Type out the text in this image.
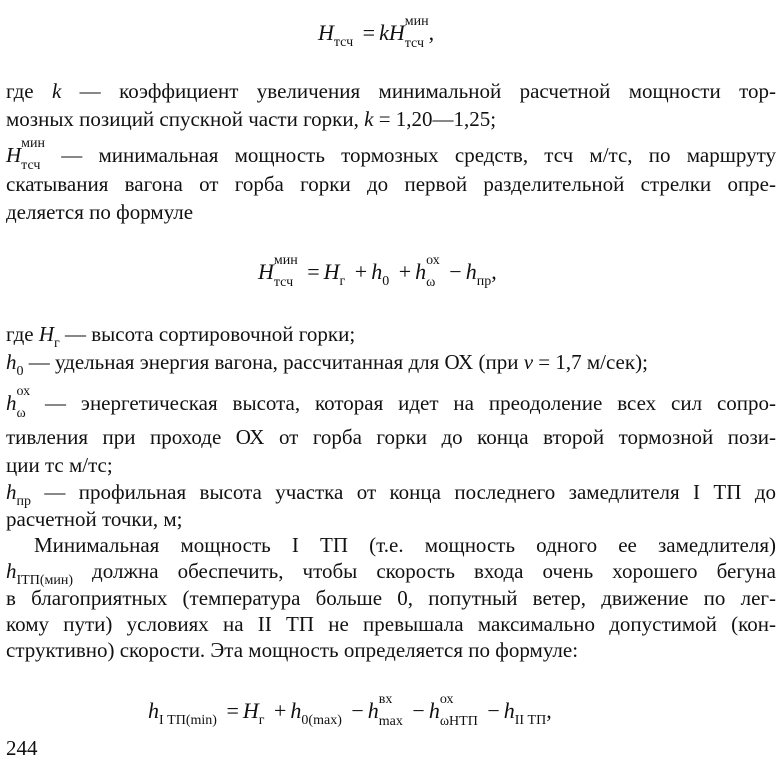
$H_{тсч}$ = kH мин
тсч ,
где k — коэффициент увеличения минимальной расчетной мощности тор-
мозных позиций спускной части горки, k = 1,20—1,25;
H мин
тсч — минимальная мощность тормозных средств, тсч м/тс, по маршруту
скатывания вагона от горба горки до первой разделительной стрелки опре-
деляется по формуле
H мин
тсч = $H_г + h_0 + h$ ох
$\omega - h_{пр}$,
где $H_г$ — высота сортировочной горки;
$h_0$ — удельная энергия вагона, рассчитанная для ОХ (при v = 1,7 м/сек);
h ох
ω — энергетическая высота, которая идет на преодоление всех сил сопро-
тивления при проходе ОХ от горба горки до конца второй тормозной пози-
ции тс м/тс;
$h_{пр}$ — профильная высота участка от конца последнего замедлителя I ТП до
расчетной точки, м;
Минимальная мощность I ТП (т.е. мощность одного ее замедлителя)
$h_{IТП(мин)}$ должна обеспечить, чтобы скорость входа очень хорошего бегуна
в благоприятных (температура больше 0, попутный ветер, движение по лег-
кому пути) условиях на II ТП не превышала максимально допустимой (кон-
структивно) скорости. Эта мощность определяется по формуле:
$h_{I ТП(min)} = H_г + h_{0(max)} - h$ вх
max − h ох
$\omega НТП - h_{II ТП}$,
244
